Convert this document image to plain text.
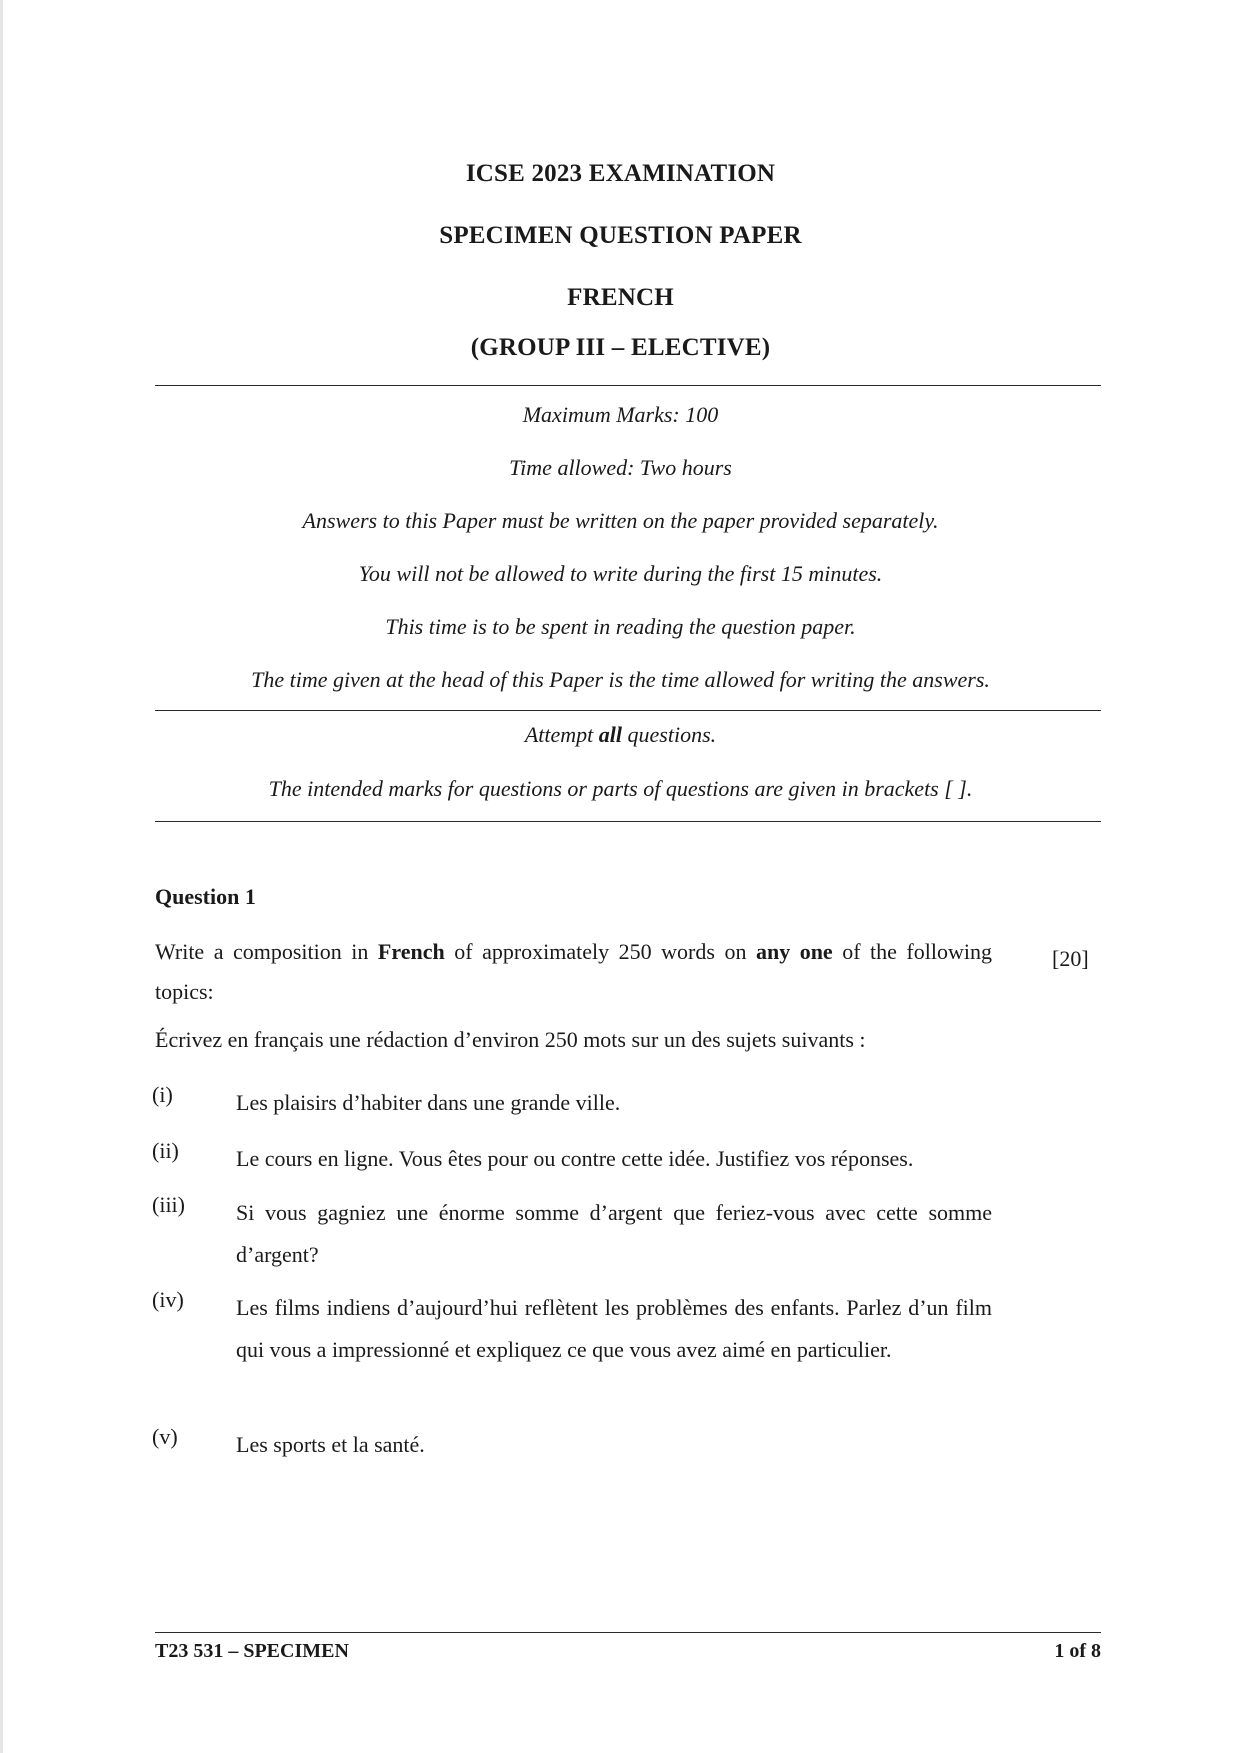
ICSE 2023 EXAMINATION

SPECIMEN QUESTION PAPER

FRENCH

(GROUP III – ELECTIVE)

Maximum Marks: 100

Time allowed: Two hours

Answers to this Paper must be written on the paper provided separately.

You will not be allowed to write during the first 15 minutes.

This time is to be spent in reading the question paper.

The time given at the head of this Paper is the time allowed for writing the answers.

Attempt all questions.

The intended marks for questions or parts of questions are given in brackets [ ].

Question 1

Write a composition in French of approximately 250 words on any one of the following topics:

[20]

Écrivez en français une rédaction d’environ 250 mots sur un des sujets suivants :

(i)	Les plaisirs d’habiter dans une grande ville.

(ii)	Le cours en ligne. Vous êtes pour ou contre cette idée. Justifiez vos réponses.

(iii) Si vous gagniez une énorme somme d’argent que feriez-vous avec cette somme d’argent?

(iv) Les films indiens d’aujourd’hui reflètent les problèmes des enfants. Parlez d’un film qui vous a impressionné et expliquez ce que vous avez aimé en particulier.

(v)	Les sports et la santé.

T23 531 – SPECIMEN	1 of 8
